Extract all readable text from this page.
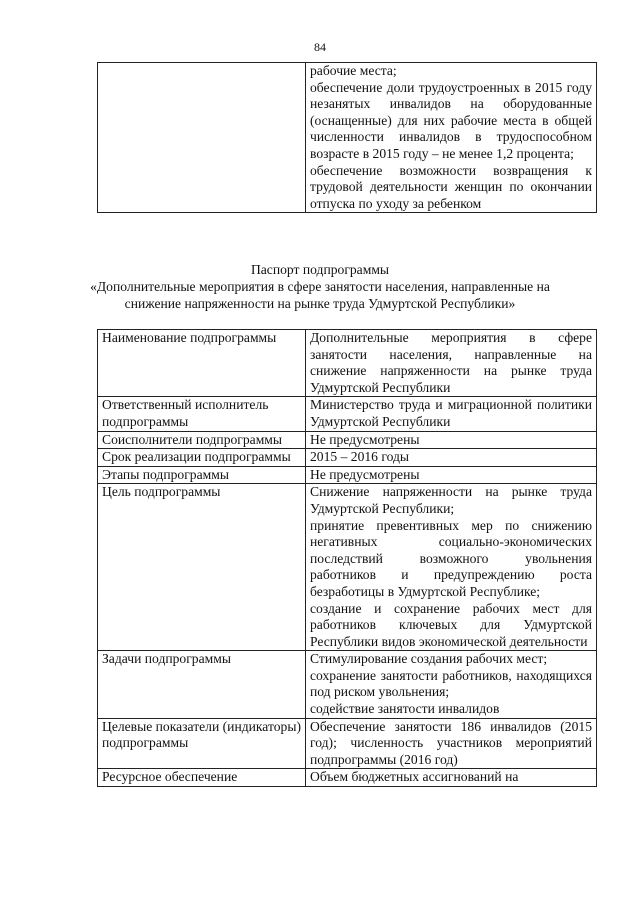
84

рабочие места;

обеспечение доли трудоустроенных в 2015 году незанятых инвалидов на оборудованные (оснащенные) для них рабочие места в общей численности инвалидов в трудоспособном возрасте в 2015 году – не менее 1,2 процента;

обеспечение возможности возвращения к трудовой деятельности женщин по окончании отпуска по уходу за ребенком

Паспорт подпрограммы
«Дополнительные мероприятия в сфере занятости населения, направленные на
снижение напряженности на рынке труда Удмуртской Республики»
Наименование подпрограммы	Дополнительные мероприятия в сфере занятости населения, направленные на снижение напряженности на рынке труда Удмуртской Республики

Ответственный исполнитель подпрограммы	Министерство труда и миграционной политики Удмуртской Республики

Соисполнители подпрограммы	Не предусмотрены

Срок реализации подпрограммы	2015 – 2016 годы

Этапы подпрограммы	Не предусмотрены

Цель подпрограммы	Снижение напряженности на рынке труда Удмуртской Республики;

принятие превентивных мер по снижению негативных социально-экономических последствий возможного увольнения работников и предупреждению роста безработицы в Удмуртской Республике;

создание и сохранение рабочих мест для работников ключевых для Удмуртской Республики видов экономической деятельности

Задачи подпрограммы	Стимулирование создания рабочих мест;

сохранение занятости работников, находящихся под риском увольнения;

содействие занятости инвалидов

Целевые показатели (индикаторы) подпрограммы	Обеспечение занятости 186 инвалидов (2015 год); численность участников мероприятий подпрограммы (2016 год)

Ресурсное обеспечение	Объем бюджетных ассигнований на
